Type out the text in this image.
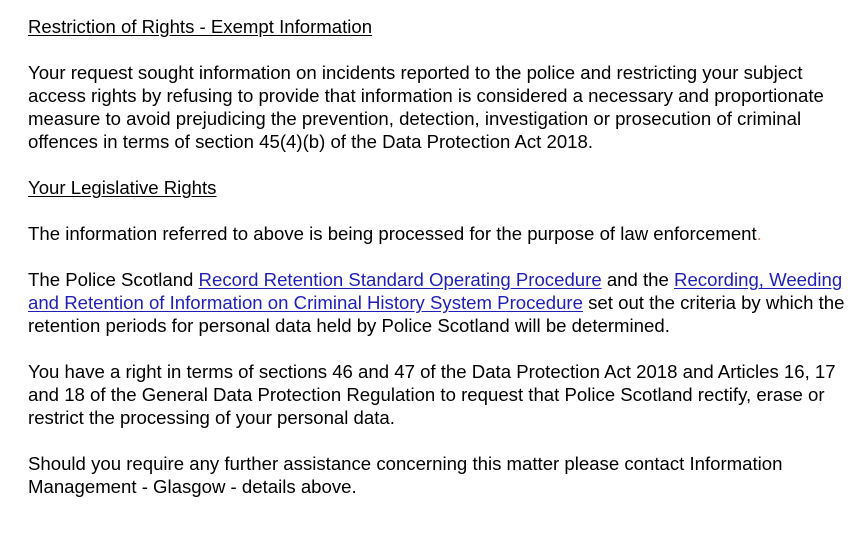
Restriction of Rights - Exempt Information

Your request sought information on incidents reported to the police and restricting your subject access rights by refusing to provide that information is considered a necessary and proportionate measure to avoid prejudicing the prevention, detection, investigation or prosecution of criminal offences in terms of section 45(4)(b) of the Data Protection Act 2018.

Your Legislative Rights

The information referred to above is being processed for the purpose of law enforcement.

The Police Scotland Record Retention Standard Operating Procedure and the Recording, Weeding and Retention of Information on Criminal History System Procedure set out the criteria by which the retention periods for personal data held by Police Scotland will be determined.

You have a right in terms of sections 46 and 47 of the Data Protection Act 2018 and Articles 16, 17 and 18 of the General Data Protection Regulation to request that Police Scotland rectify, erase or restrict the processing of your personal data.

Should you require any further assistance concerning this matter please contact Information Management - Glasgow - details above.
